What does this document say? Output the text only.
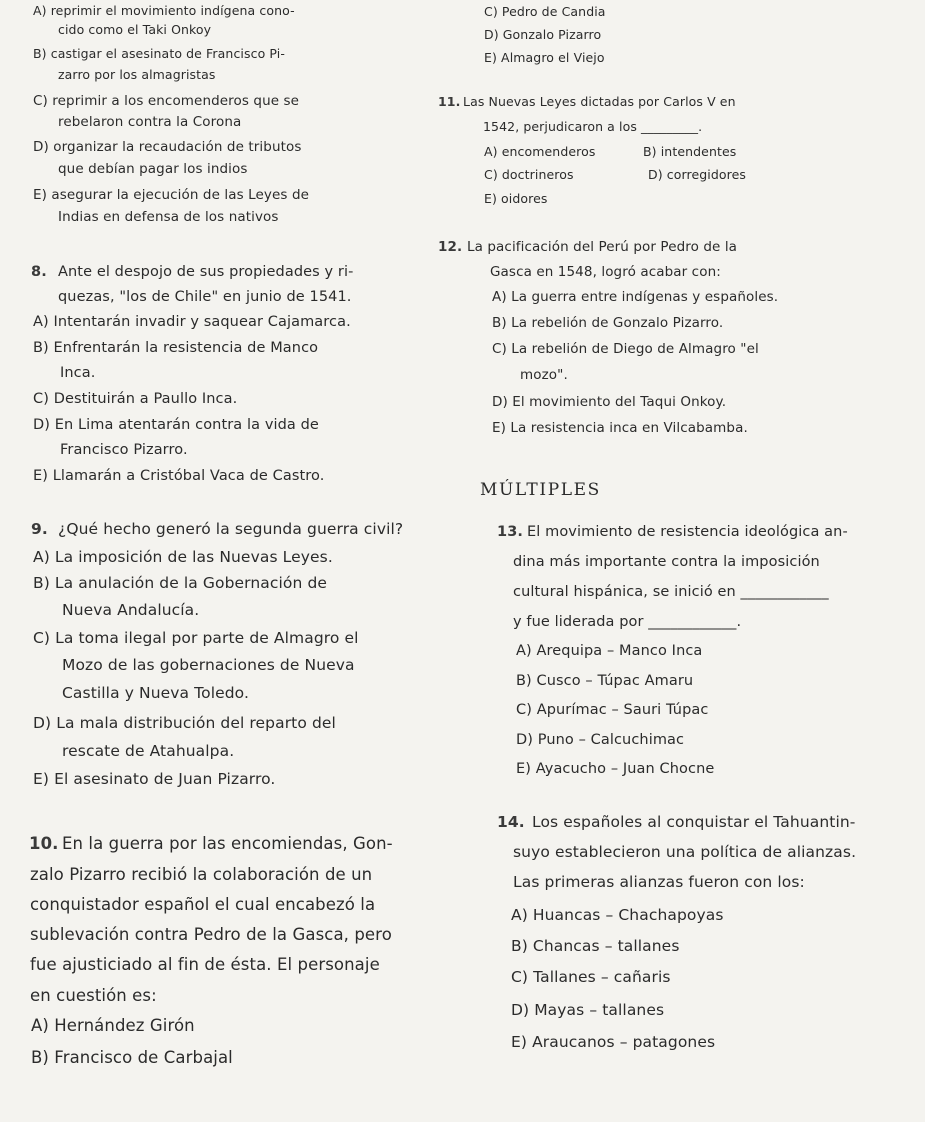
A) reprimir el movimiento indígena cono-
cido como el Taki Onkoy
B) castigar el asesinato de Francisco Pi-
zarro por los almagristas
C) reprimir a los encomenderos que se
rebelaron contra la Corona
D) organizar la recaudación de tributos
que debían pagar los indios
E) asegurar la ejecución de las Leyes de
Indias en defensa de los nativos
8. Ante el despojo de sus propiedades y ri-
quezas, "los de Chile" en junio de 1541.
A) Intentarán invadir y saquear Cajamarca.
B) Enfrentarán la resistencia de Manco
Inca.
C) Destituirán a Paullo Inca.
D) En Lima atentarán contra la vida de
Francisco Pizarro.
E) Llamarán a Cristóbal Vaca de Castro.
9. ¿Qué hecho generó la segunda guerra civil?
A) La imposición de las Nuevas Leyes.
B) La anulación de la Gobernación de
Nueva Andalucía.
C) La toma ilegal por parte de Almagro el
Mozo de las gobernaciones de Nueva
Castilla y Nueva Toledo.
D) La mala distribución del reparto del
rescate de Atahualpa.
E) El asesinato de Juan Pizarro.
10. En la guerra por las encomiendas, Gon-
zalo Pizarro recibió la colaboración de un
conquistador español el cual encabezó la
sublevación contra Pedro de la Gasca, pero
fue ajusticiado al fin de ésta. El personaje
en cuestión es:
A) Hernández Girón
B) Francisco de Carbajal
C) Pedro de Candia
D) Gonzalo Pizarro
E) Almagro el Viejo
11. Las Nuevas Leyes dictadas por Carlos V en
1542, perjudicaron a los _________.
A) encomenderos	B) intendentes
C) doctrineros	D) corregidores
E) oidores
12. La pacificación del Perú por Pedro de la
Gasca en 1548, logró acabar con:
A) La guerra entre indígenas y españoles.
B) La rebelión de Gonzalo Pizarro.
C) La rebelión de Diego de Almagro "el
mozo".
D) El movimiento del Taqui Onkoy.
E) La resistencia inca en Vilcabamba.
MÚLTIPLES
13. El movimiento de resistencia ideológica an-
dina más importante contra la imposición
cultural hispánica, se inició en ____________
y fue liderada por ____________.
A) Arequipa – Manco Inca
B) Cusco – Túpac Amaru
C) Apurímac – Sauri Túpac
D) Puno – Calcuchimac
E) Ayacucho – Juan Chocne
14. Los españoles al conquistar el Tahuantin-
suyo establecieron una política de alianzas.
Las primeras alianzas fueron con los:
A) Huancas – Chachapoyas
B) Chancas – tallanes
C) Tallanes – cañaris
D) Mayas – tallanes
E) Araucanos – patagones
